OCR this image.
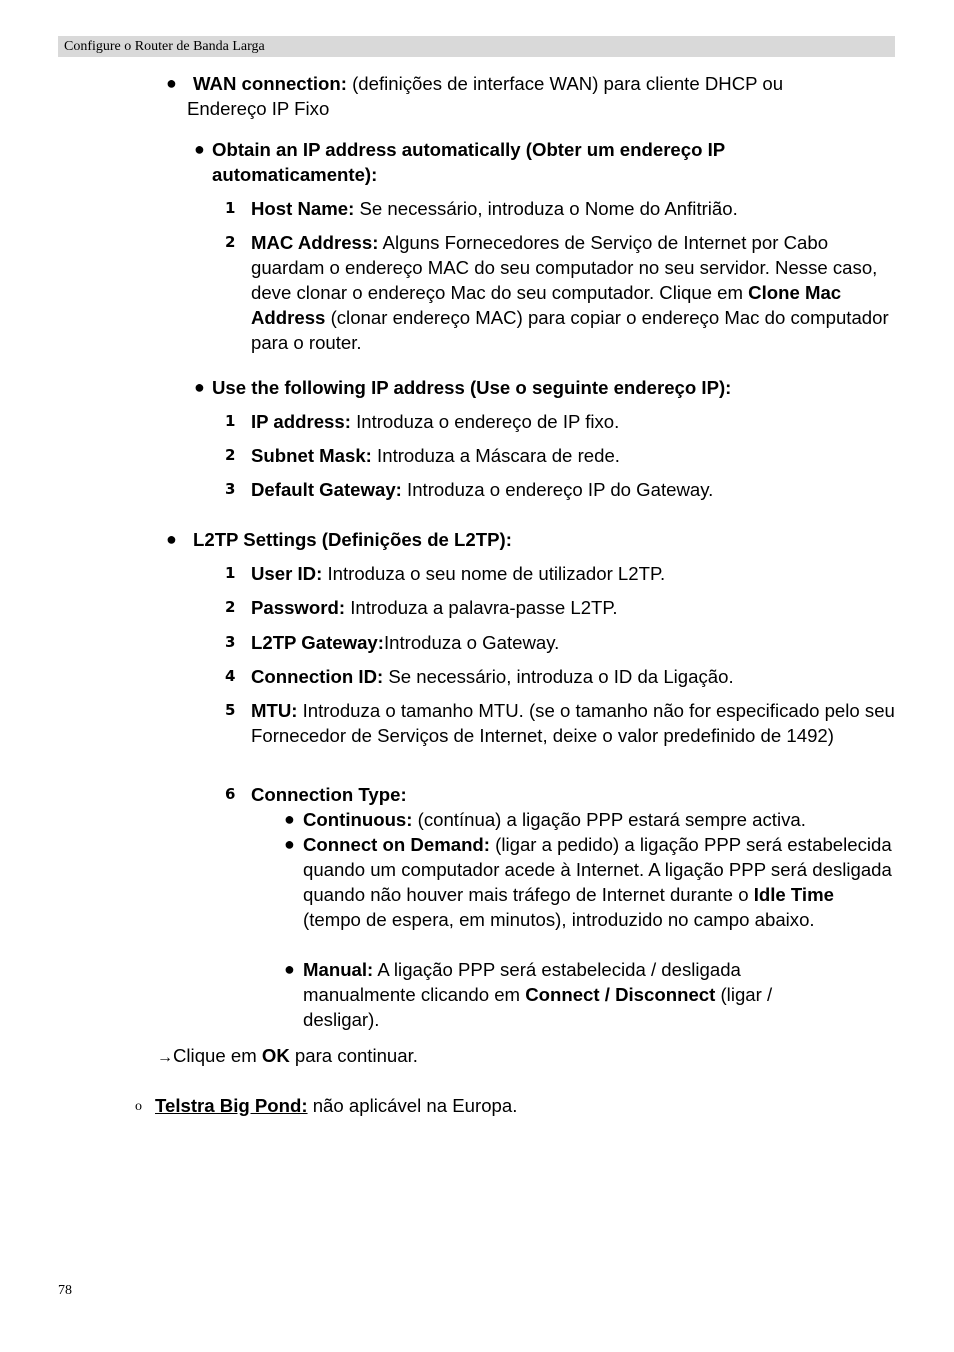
Configure o Router de Banda Larga
● WAN connection: (definições de interface WAN) para cliente DHCP ou Endereço IP Fixo

● Obtain an IP address automatically (Obter um endereço IP automaticamente):

1 Host Name: Se necessário, introduza o Nome do Anfitrião.

2 MAC Address: Alguns Fornecedores de Serviço de Internet por Cabo guardam o endereço MAC do seu computador no seu servidor. Nesse caso, deve clonar o endereço Mac do seu computador. Clique em Clone Mac Address (clonar endereço MAC) para copiar o endereço Mac do computador para o router.

● Use the following IP address (Use o seguinte endereço IP):

1 IP address: Introduza o endereço de IP fixo.

2 Subnet Mask: Introduza a Máscara de rede.

3 Default Gateway: Introduza o endereço IP do Gateway.

● L2TP Settings (Definições de L2TP):

1 User ID: Introduza o seu nome de utilizador L2TP.

2 Password: Introduza a palavra-passe L2TP.

3 L2TP Gateway:Introduza o Gateway.

4 Connection ID: Se necessário, introduza o ID da Ligação.

5 MTU: Introduza o tamanho MTU. (se o tamanho não for especificado pelo seu Fornecedor de Serviços de Internet, deixe o valor predefinido de 1492)

6 Connection Type:

● Continuous: (contínua) a ligação PPP estará sempre activa.

● Connect on Demand: (ligar a pedido) a ligação PPP será estabelecida quando um computador acede à Internet. A ligação PPP será desligada quando não houver mais tráfego de Internet durante o Idle Time (tempo de espera, em minutos), introduzido no campo abaixo.

● Manual: A ligação PPP será estabelecida / desligada manualmente clicando em Connect / Disconnect (ligar / desligar).

→Clique em OK para continuar.

o Telstra Big Pond: não aplicável na Europa.

78
